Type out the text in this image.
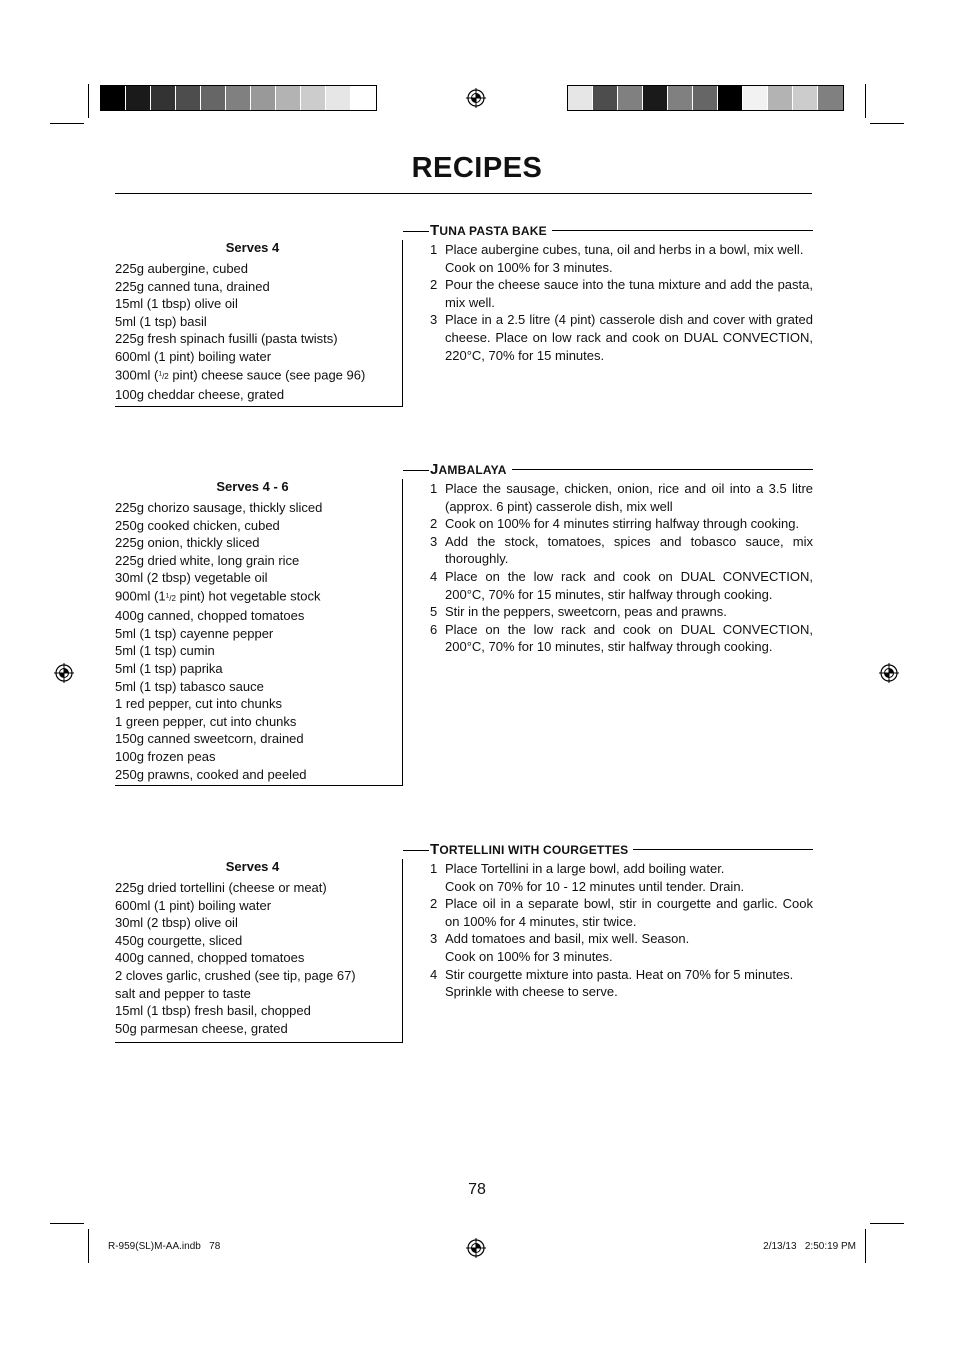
RECIPES

Serves 4

225g aubergine, cubed
225g canned tuna, drained
15ml (1 tbsp) olive oil
5ml (1 tsp) basil
225g fresh spinach fusilli (pasta twists)
600ml (1 pint) boiling water
300ml ($^1$/2 pint) cheese sauce (see page 96)
100g cheddar cheese, grated
TUNA PASTA BAKE
1 Place aubergine cubes, tuna, oil and herbs in a bowl, mix well.
Cook on 100% for 3 minutes.
2 Pour the cheese sauce into the tuna mixture and add the pasta, mix well.
3 Place in a 2.5 litre (4 pint) casserole dish and cover with grated cheese. Place on low rack and cook on DUAL CONVECTION, 220°C, 70% for 15 minutes.

Serves 4 - 6

225g chorizo sausage, thickly sliced
250g cooked chicken, cubed
225g onion, thickly sliced
225g dried white, long grain rice
30ml (2 tbsp) vegetable oil
900ml ($1^1/2$ pint) hot vegetable stock
400g canned, chopped tomatoes
5ml (1 tsp) cayenne pepper
5ml (1 tsp) cumin
5ml (1 tsp) paprika
5ml (1 tsp) tabasco sauce
1 red pepper, cut into chunks
1 green pepper, cut into chunks
150g canned sweetcorn, drained
100g frozen peas
250g prawns, cooked and peeled
JAMBALAYA
1 Place the sausage, chicken, onion, rice and oil into a 3.5 litre (approx. 6 pint) casserole dish, mix well
2 Cook on 100% for 4 minutes stirring halfway through cooking.
3 Add the stock, tomatoes, spices and tobasco sauce, mix thoroughly.
4 Place on the low rack and cook on DUAL CONVECTION, 200°C, 70% for 15 minutes, stir halfway through cooking.
5 Stir in the peppers, sweetcorn, peas and prawns.
6 Place on the low rack and cook on DUAL CONVECTION, 200°C, 70% for 10 minutes, stir halfway through cooking.

Serves 4

225g dried tortellini (cheese or meat)
600ml (1 pint) boiling water
30ml (2 tbsp) olive oil
450g courgette, sliced
400g canned, chopped tomatoes
2 cloves garlic, crushed (see tip, page 67)
salt and pepper to taste
15ml (1 tbsp) fresh basil, chopped
50g parmesan cheese, grated
TORTELLINI WITH COURGETTES
1 Place Tortellini in a large bowl, add boiling water.
Cook on 70% for 10 - 12 minutes until tender. Drain.
2 Place oil in a separate bowl, stir in courgette and garlic. Cook on 100% for 4 minutes, stir twice.
3 Add tomatoes and basil, mix well. Season.
Cook on 100% for 3 minutes.
4 Stir courgette mixture into pasta. Heat on 70% for 5 minutes.
Sprinkle with cheese to serve.
78
R-959(SL)M-AA.indb   78	2/13/13   2:50:19 PM
